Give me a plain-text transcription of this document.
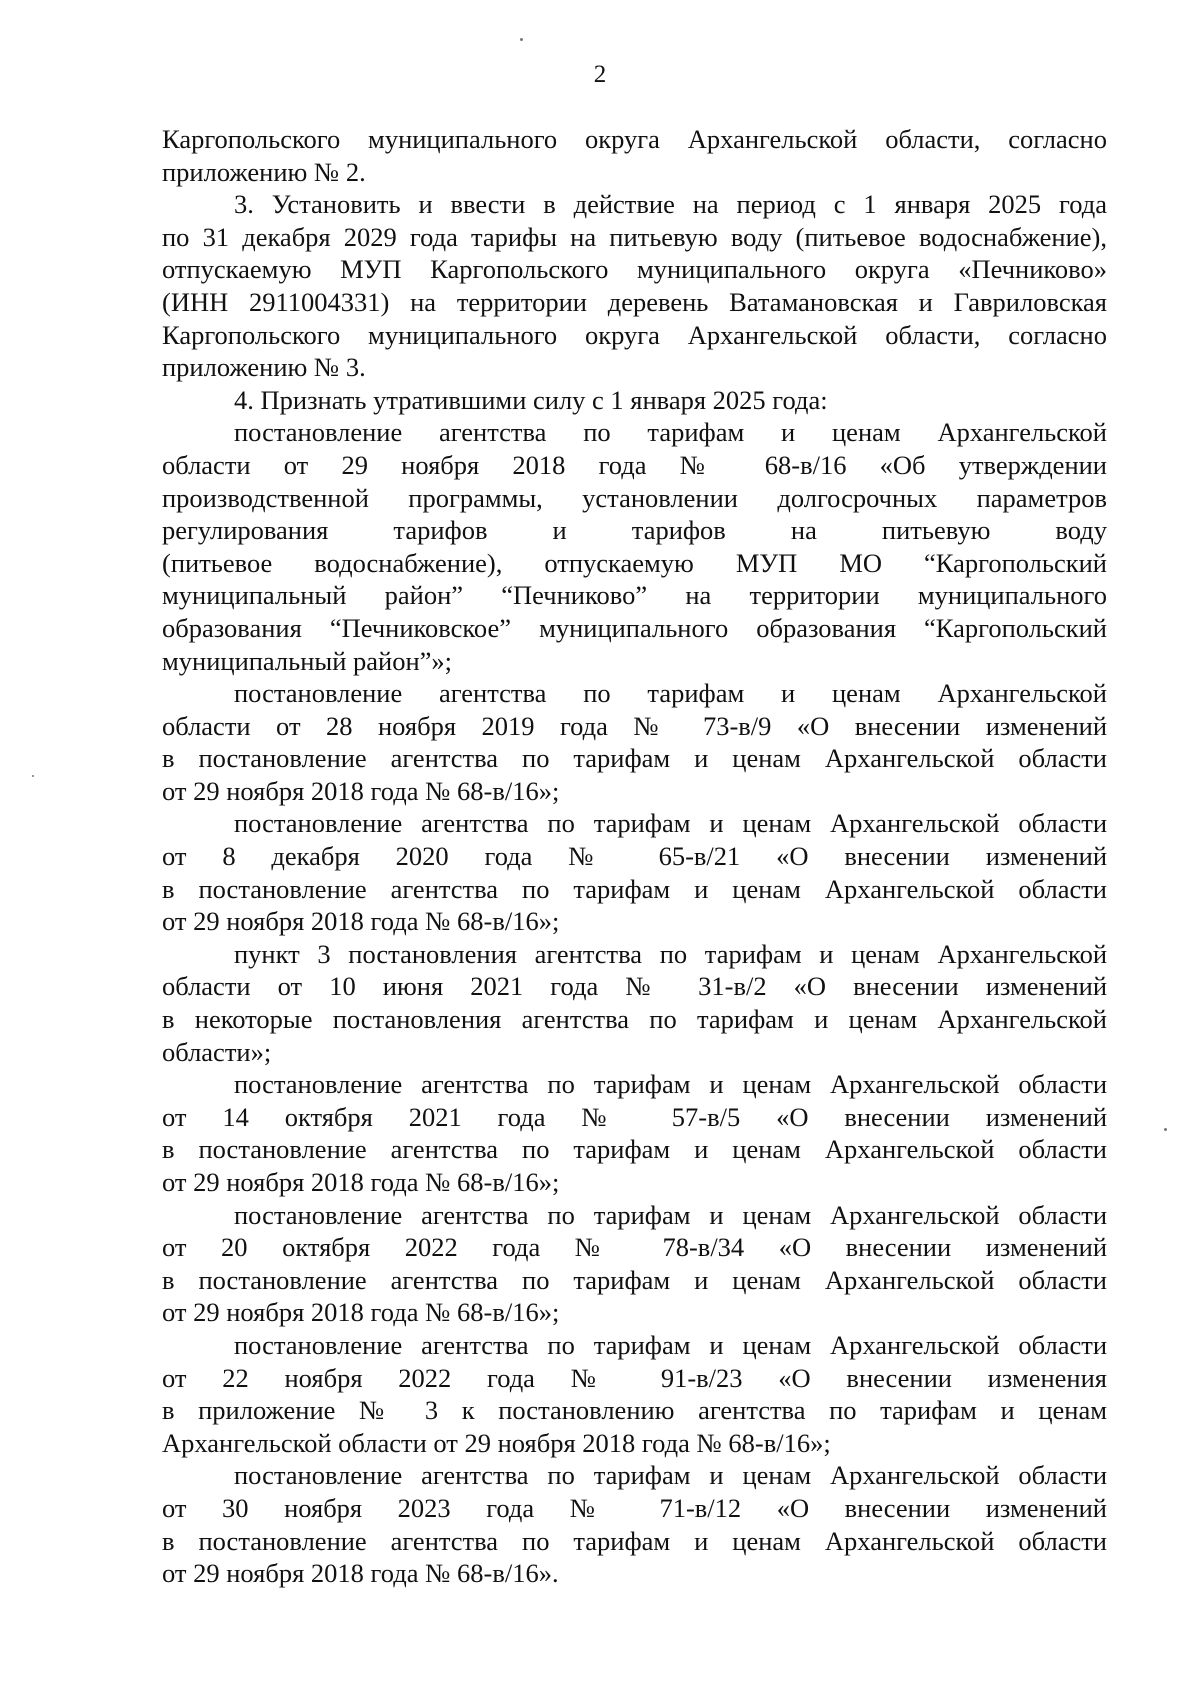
2
Каргопольского муниципального округа Архангельской области, согласно
приложению № 2.
3. Установить и ввести в действие на период с 1 января 2025 года
по 31 декабря 2029 года тарифы на питьевую воду (питьевое водоснабжение),
отпускаемую МУП Каргопольского муниципального округа «Печниково»
(ИНН 2911004331) на территории деревень Ватамановская и Гавриловская
Каргопольского муниципального округа Архангельской области, согласно
приложению № 3.
4. Признать утратившими силу с 1 января 2025 года:
постановление агентства по тарифам и ценам Архангельской
области от 29 ноября 2018 года № 68-в/16 «Об утверждении
производственной программы, установлении долгосрочных параметров
регулирования тарифов и тарифов на питьевую воду
(питьевое водоснабжение), отпускаемую МУП МО “Каргопольский
муниципальный район” “Печниково” на территории муниципального
образования “Печниковское” муниципального образования “Каргопольский
муниципальный район”»;
постановление агентства по тарифам и ценам Архангельской
области от 28 ноября 2019 года № 73-в/9 «О внесении изменений
в постановление агентства по тарифам и ценам Архангельской области
от 29 ноября 2018 года № 68-в/16»;
постановление агентства по тарифам и ценам Архангельской области
от 8 декабря 2020 года № 65-в/21 «О внесении изменений
в постановление агентства по тарифам и ценам Архангельской области
от 29 ноября 2018 года № 68-в/16»;
пункт 3 постановления агентства по тарифам и ценам Архангельской
области от 10 июня 2021 года № 31-в/2 «О внесении изменений
в некоторые постановления агентства по тарифам и ценам Архангельской
области»;
постановление агентства по тарифам и ценам Архангельской области
от 14 октября 2021 года № 57-в/5 «О внесении изменений
в постановление агентства по тарифам и ценам Архангельской области
от 29 ноября 2018 года № 68-в/16»;
постановление агентства по тарифам и ценам Архангельской области
от 20 октября 2022 года № 78-в/34 «О внесении изменений
в постановление агентства по тарифам и ценам Архангельской области
от 29 ноября 2018 года № 68-в/16»;
постановление агентства по тарифам и ценам Архангельской области
от 22 ноября 2022 года № 91-в/23 «О внесении изменения
в приложение № 3 к постановлению агентства по тарифам и ценам
Архангельской области от 29 ноября 2018 года № 68-в/16»;
постановление агентства по тарифам и ценам Архангельской области
от 30 ноября 2023 года № 71-в/12 «О внесении изменений
в постановление агентства по тарифам и ценам Архангельской области
от 29 ноября 2018 года № 68-в/16».
